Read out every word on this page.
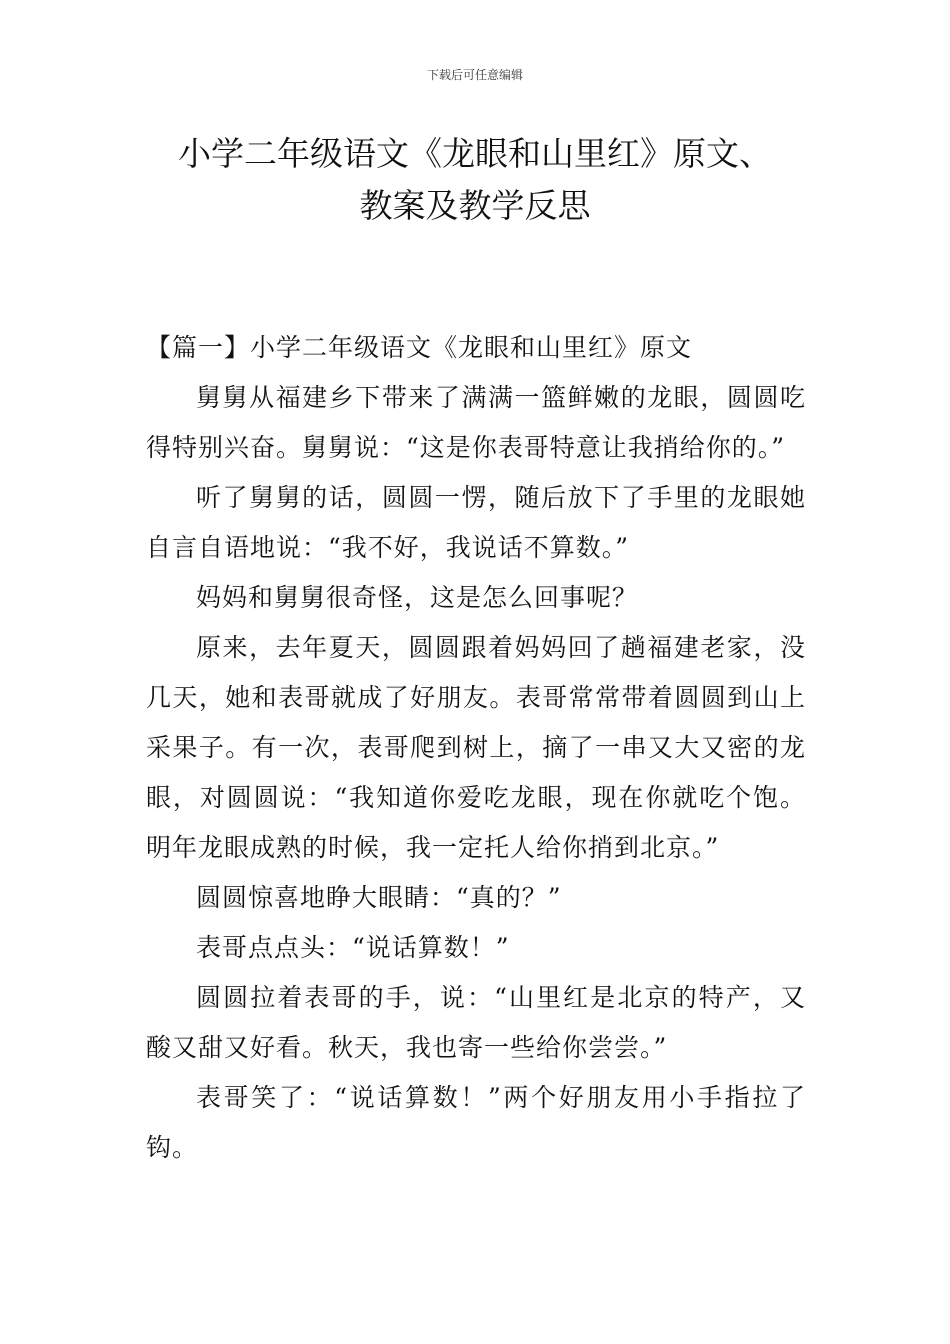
下载后可任意编辑
小学二年级语文《龙眼和山里红》原文、
教案及教学反思

【篇一】小学二年级语文《龙眼和山里红》原文

舅舅从福建乡下带来了满满一篮鲜嫩的龙眼，圆圆吃得特别兴奋。舅舅说：“这是你表哥特意让我捎给你的。”

听了舅舅的话，圆圆一愣，随后放下了手里的龙眼她自言自语地说：“我不好，我说话不算数。”

妈妈和舅舅很奇怪，这是怎么回事呢？

原来，去年夏天，圆圆跟着妈妈回了趟福建老家，没几天，她和表哥就成了好朋友。表哥常常带着圆圆到山上采果子。有一次，表哥爬到树上，摘了一串又大又密的龙眼，对圆圆说：“我知道你爱吃龙眼，现在你就吃个饱。明年龙眼成熟的时候，我一定托人给你捎到北京。”

圆圆惊喜地睁大眼睛：“真的？”

表哥点点头：“说话算数！”

圆圆拉着表哥的手，说：“山里红是北京的特产，又酸又甜又好看。秋天，我也寄一些给你尝尝。”

表哥笑了：“说话算数！”两个好朋友用小手指拉了钩。
